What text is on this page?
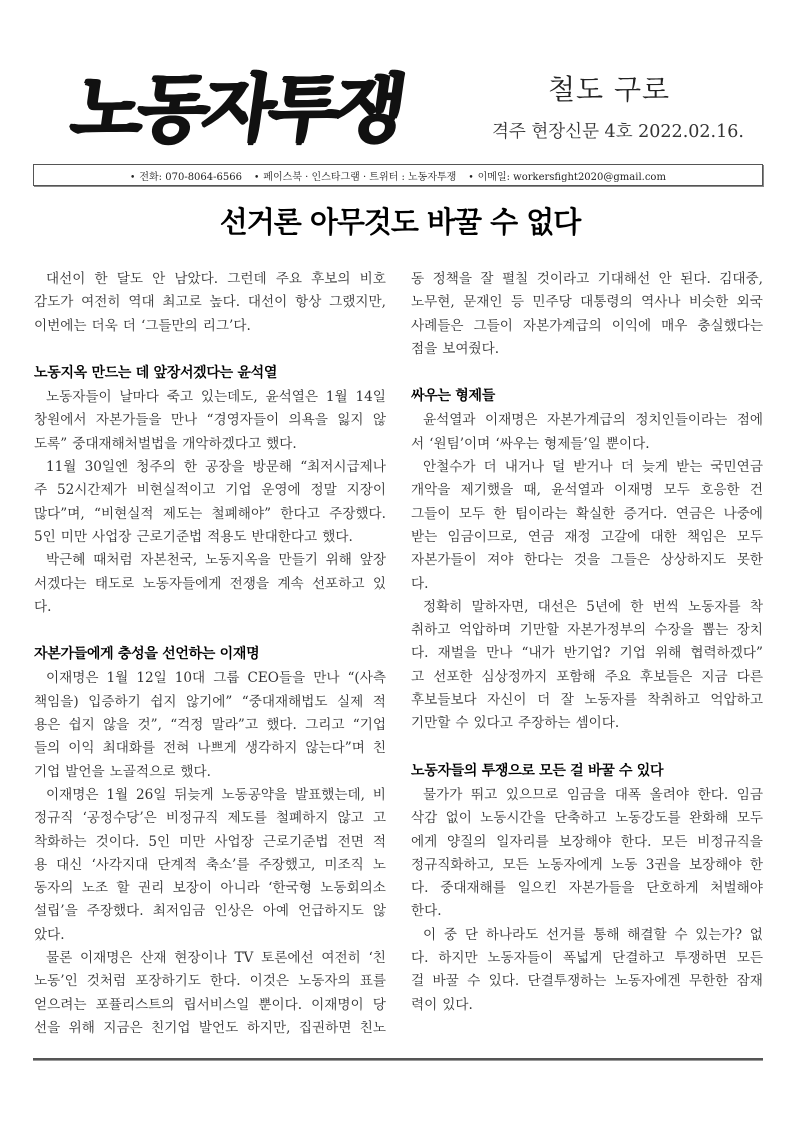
노동자투쟁	철도 구로
격주 현장신문 4호 2022.02.16.
• 전화: 070-8064-6566 • 페이스북 · 인스타그램 · 트위터 : 노동자투쟁 • 이메일: workersfight2020@gmail.com
선거론 아무것도 바꿀 수 없다
대선이 한 달도 안 남았다. 그런데 주요 후보의 비호
감도가 여전히 역대 최고로 높다. 대선이 항상 그랬지만,
이번에는 더욱 더 ‘그들만의 리그’다.
노동지옥 만드는 데 앞장서겠다는 윤석열
노동자들이 날마다 죽고 있는데도, 윤석열은 1월 14일
창원에서 자본가들을 만나 “경영자들이 의욕을 잃지 않
도록” 중대재해처벌법을 개악하겠다고 했다.
11월 30일엔 청주의 한 공장을 방문해 “최저시급제나
주 52시간제가 비현실적이고 기업 운영에 정말 지장이
많다”며, “비현실적 제도는 철폐해야” 한다고 주장했다.
5인 미만 사업장 근로기준법 적용도 반대한다고 했다.
박근혜 때처럼 자본천국, 노동지옥을 만들기 위해 앞장
서겠다는 태도로 노동자들에게 전쟁을 계속 선포하고 있
다.
자본가들에게 충성을 선언하는 이재명
이재명은 1월 12일 10대 그룹 CEO들을 만나 “(사측
책임을) 입증하기 쉽지 않기에” “중대재해법도 실제 적
용은 쉽지 않을 것”, “걱정 말라”고 했다. 그리고 “기업
들의 이익 최대화를 전혀 나쁘게 생각하지 않는다”며 친
기업 발언을 노골적으로 했다.
이재명은 1월 26일 뒤늦게 노동공약을 발표했는데, 비
정규직 ‘공정수당’은 비정규직 제도를 철폐하지 않고 고
착화하는 것이다. 5인 미만 사업장 근로기준법 전면 적
용 대신 ‘사각지대 단계적 축소’를 주장했고, 미조직 노
동자의 노조 할 권리 보장이 아니라 ‘한국형 노동회의소
설립’을 주장했다. 최저임금 인상은 아예 언급하지도 않
았다.
물론 이재명은 산재 현장이나 TV 토론에선 여전히 ‘친
노동’인 것처럼 포장하기도 한다. 이것은 노동자의 표를
얻으려는 포퓰리스트의 립서비스일 뿐이다. 이재명이 당
선을 위해 지금은 친기업 발언도 하지만, 집권하면 친노
동 정책을 잘 펼칠 것이라고 기대해선 안 된다. 김대중,
노무현, 문재인 등 민주당 대통령의 역사나 비슷한 외국
사례들은 그들이 자본가계급의 이익에 매우 충실했다는
점을 보여줬다.
싸우는 형제들
윤석열과 이재명은 자본가계급의 정치인들이라는 점에
서 ‘원팀’이며 ‘싸우는 형제들’일 뿐이다.
안철수가 더 내거나 덜 받거나 더 늦게 받는 국민연금
개악을 제기했을 때, 윤석열과 이재명 모두 호응한 건
그들이 모두 한 팀이라는 확실한 증거다. 연금은 나중에
받는 임금이므로, 연금 재정 고갈에 대한 책임은 모두
자본가들이 져야 한다는 것을 그들은 상상하지도 못한
다.
정확히 말하자면, 대선은 5년에 한 번씩 노동자를 착
취하고 억압하며 기만할 자본가정부의 수장을 뽑는 장치
다. 재벌을 만나 “내가 반기업? 기업 위해 협력하겠다”
고 선포한 심상정까지 포함해 주요 후보들은 지금 다른
후보들보다 자신이 더 잘 노동자를 착취하고 억압하고
기만할 수 있다고 주장하는 셈이다.
노동자들의 투쟁으로 모든 걸 바꿀 수 있다
물가가 뛰고 있으므로 임금을 대폭 올려야 한다. 임금
삭감 없이 노동시간을 단축하고 노동강도를 완화해 모두
에게 양질의 일자리를 보장해야 한다. 모든 비정규직을
정규직화하고, 모든 노동자에게 노동 3권을 보장해야 한
다. 중대재해를 일으킨 자본가들을 단호하게 처벌해야
한다.
이 중 단 하나라도 선거를 통해 해결할 수 있는가? 없
다. 하지만 노동자들이 폭넓게 단결하고 투쟁하면 모든
걸 바꿀 수 있다. 단결투쟁하는 노동자에겐 무한한 잠재
력이 있다.
